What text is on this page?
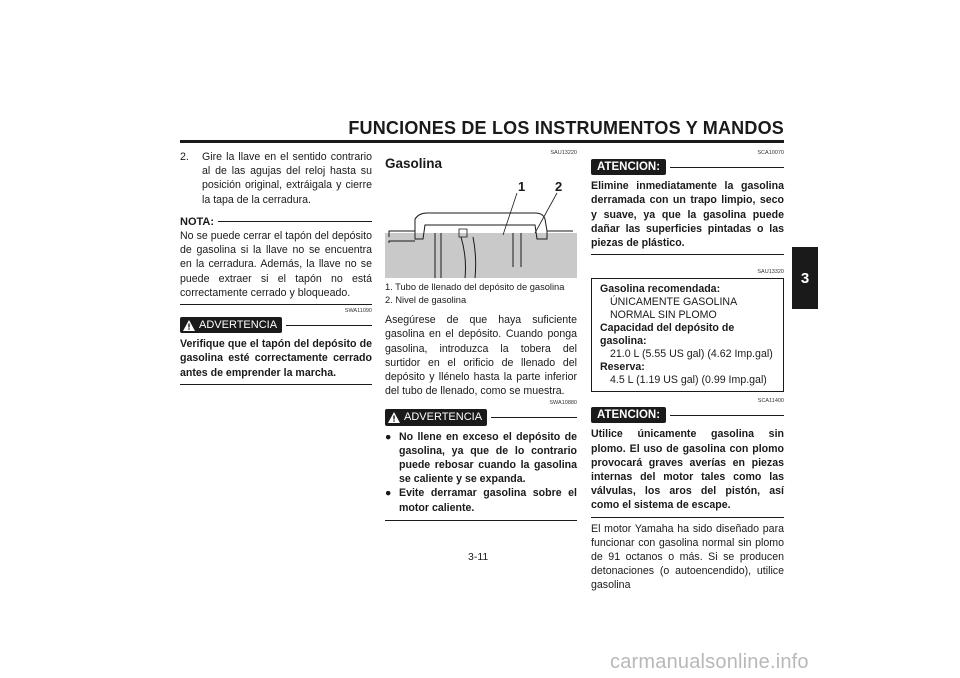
FUNCIONES DE LOS INSTRUMENTOS Y MANDOS
3
2.	Gire la llave en el sentido contrario al de las agujas del reloj hasta su posición original, extráigala y cierre la tapa de la cerradura.
NOTA:
No se puede cerrar el tapón del depósito de gasolina si la llave no se encuentra en la cerradura. Además, la llave no se puede extraer si el tapón no está correctamente cerrado y bloqueado.
SWA11090
ADVERTENCIA
Verifique que el tapón del depósito de gasolina esté correctamente cerrado antes de emprender la marcha.
SAU13220
Gasolina
1 2
1. Tubo de llenado del depósito de gasolina
2. Nivel de gasolina
Asegúrese de que haya suficiente gasolina en el depósito. Cuando ponga gasolina, introduzca la tobera del surtidor en el orificio de llenado del depósito y llénelo hasta la parte inferior del tubo de llenado, como se muestra.
SWA10880
ADVERTENCIA
● No llene en exceso el depósito de gasolina, ya que de lo contrario puede rebosar cuando la gasolina se caliente y se expanda.
● Evite derramar gasolina sobre el motor caliente.
SCA10070
ATENCION:
Elimine inmediatamente la gasolina derramada con un trapo limpio, seco y suave, ya que la gasolina puede dañar las superficies pintadas o las piezas de plástico.
SAU13320
Gasolina recomendada:
ÚNICAMENTE GASOLINA NORMAL SIN PLOMO
Capacidad del depósito de gasolina:
21.0 L (5.55 US gal) (4.62 Imp.gal)
Reserva:
4.5 L (1.19 US gal) (0.99 Imp.gal)
SCA11400
ATENCION:
Utilice únicamente gasolina sin plomo. El uso de gasolina con plomo provocará graves averías en piezas internas del motor tales como las válvulas, los aros del pistón, así como el sistema de escape.
El motor Yamaha ha sido diseñado para funcionar con gasolina normal sin plomo de 91 octanos o más. Si se producen detonaciones (o autoencendido), utilice gasolina
3-11
carmanualsonline.info
